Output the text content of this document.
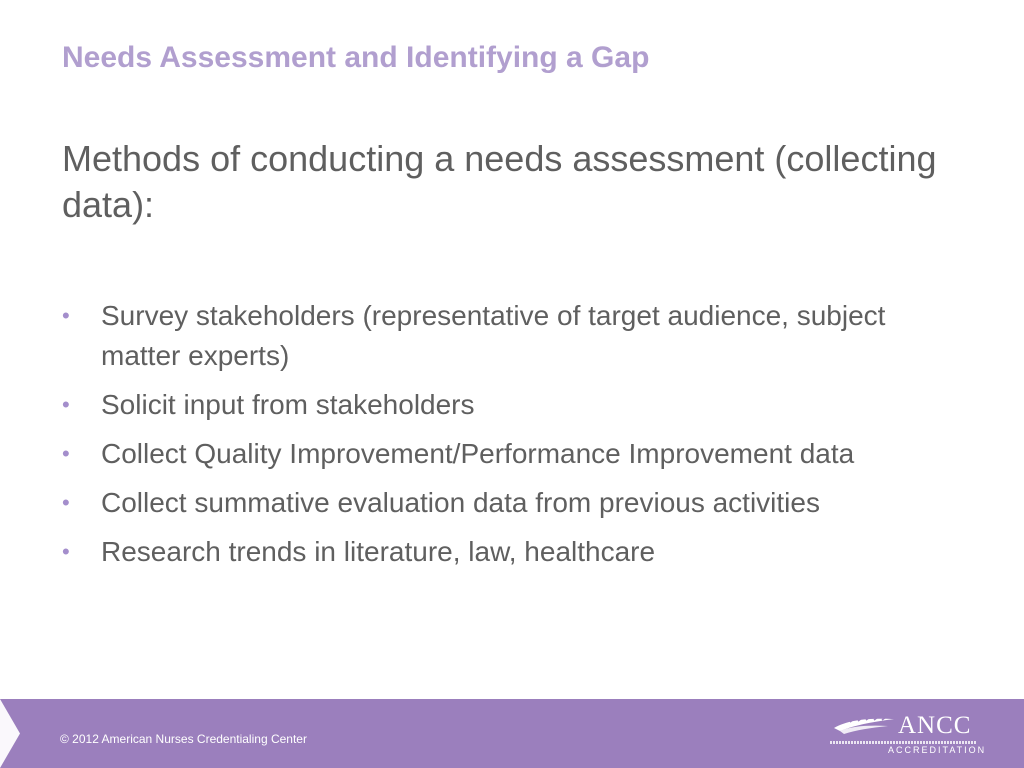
Needs Assessment and Identifying a Gap
Methods of conducting a needs assessment (collecting data):
• Survey stakeholders (representative of target audience, subject matter experts)
• Solicit input from stakeholders
• Collect Quality Improvement/Performance Improvement data
• Collect summative evaluation data from previous activities
• Research trends in literature, law, healthcare

© 2012 American Nurses Credentialing Center	ANCC
ACCREDITATION
